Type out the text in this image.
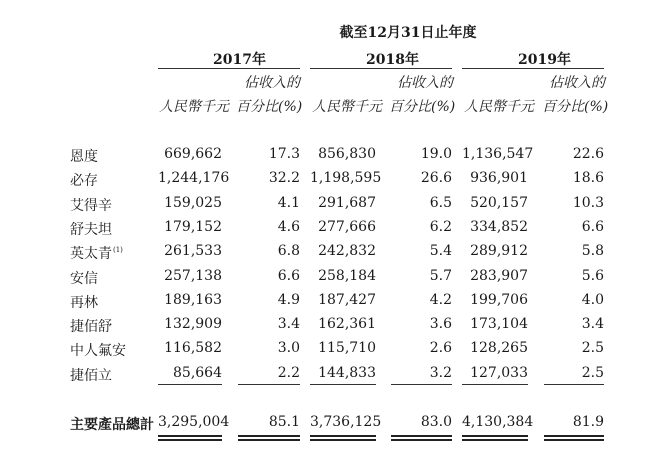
截至12月31日止年度
2017年	2018年	2019年
佔收入的	佔收入的	佔收入的
人民幣千元 百分比(%) 人民幣千元 百分比(%) 人民幣千元 百分比(%)
恩度	669,662	17.3	856,830	19.0 1,136,547	22.6
必存	1,244,176	32.2 1,198,595	26.6	936,901	18.6
艾得辛	159,025	4.1	291,687	6.5	520,157	10.3
舒夫坦	179,152	4.6	277,666	6.2	334,852	6.6
英太青$^{(1)}$	261,533	6.8	242,832	5.4	289,912	5.8
安信	257,138	6.6	258,184	5.7	283,907	5.6
再林	189,163	4.9	187,427	4.2	199,706	4.0
捷佰舒	132,909	3.4	162,361	3.6	173,104	3.4
中人氟安	116,582	3.0	115,710	2.6	128,265	2.5
捷佰立	85,664	2.2	144,833	3.2	127,033	2.5
主要產品總計 3,295,004	85.1 3,736,125	83.0 4,130,384	81.9
